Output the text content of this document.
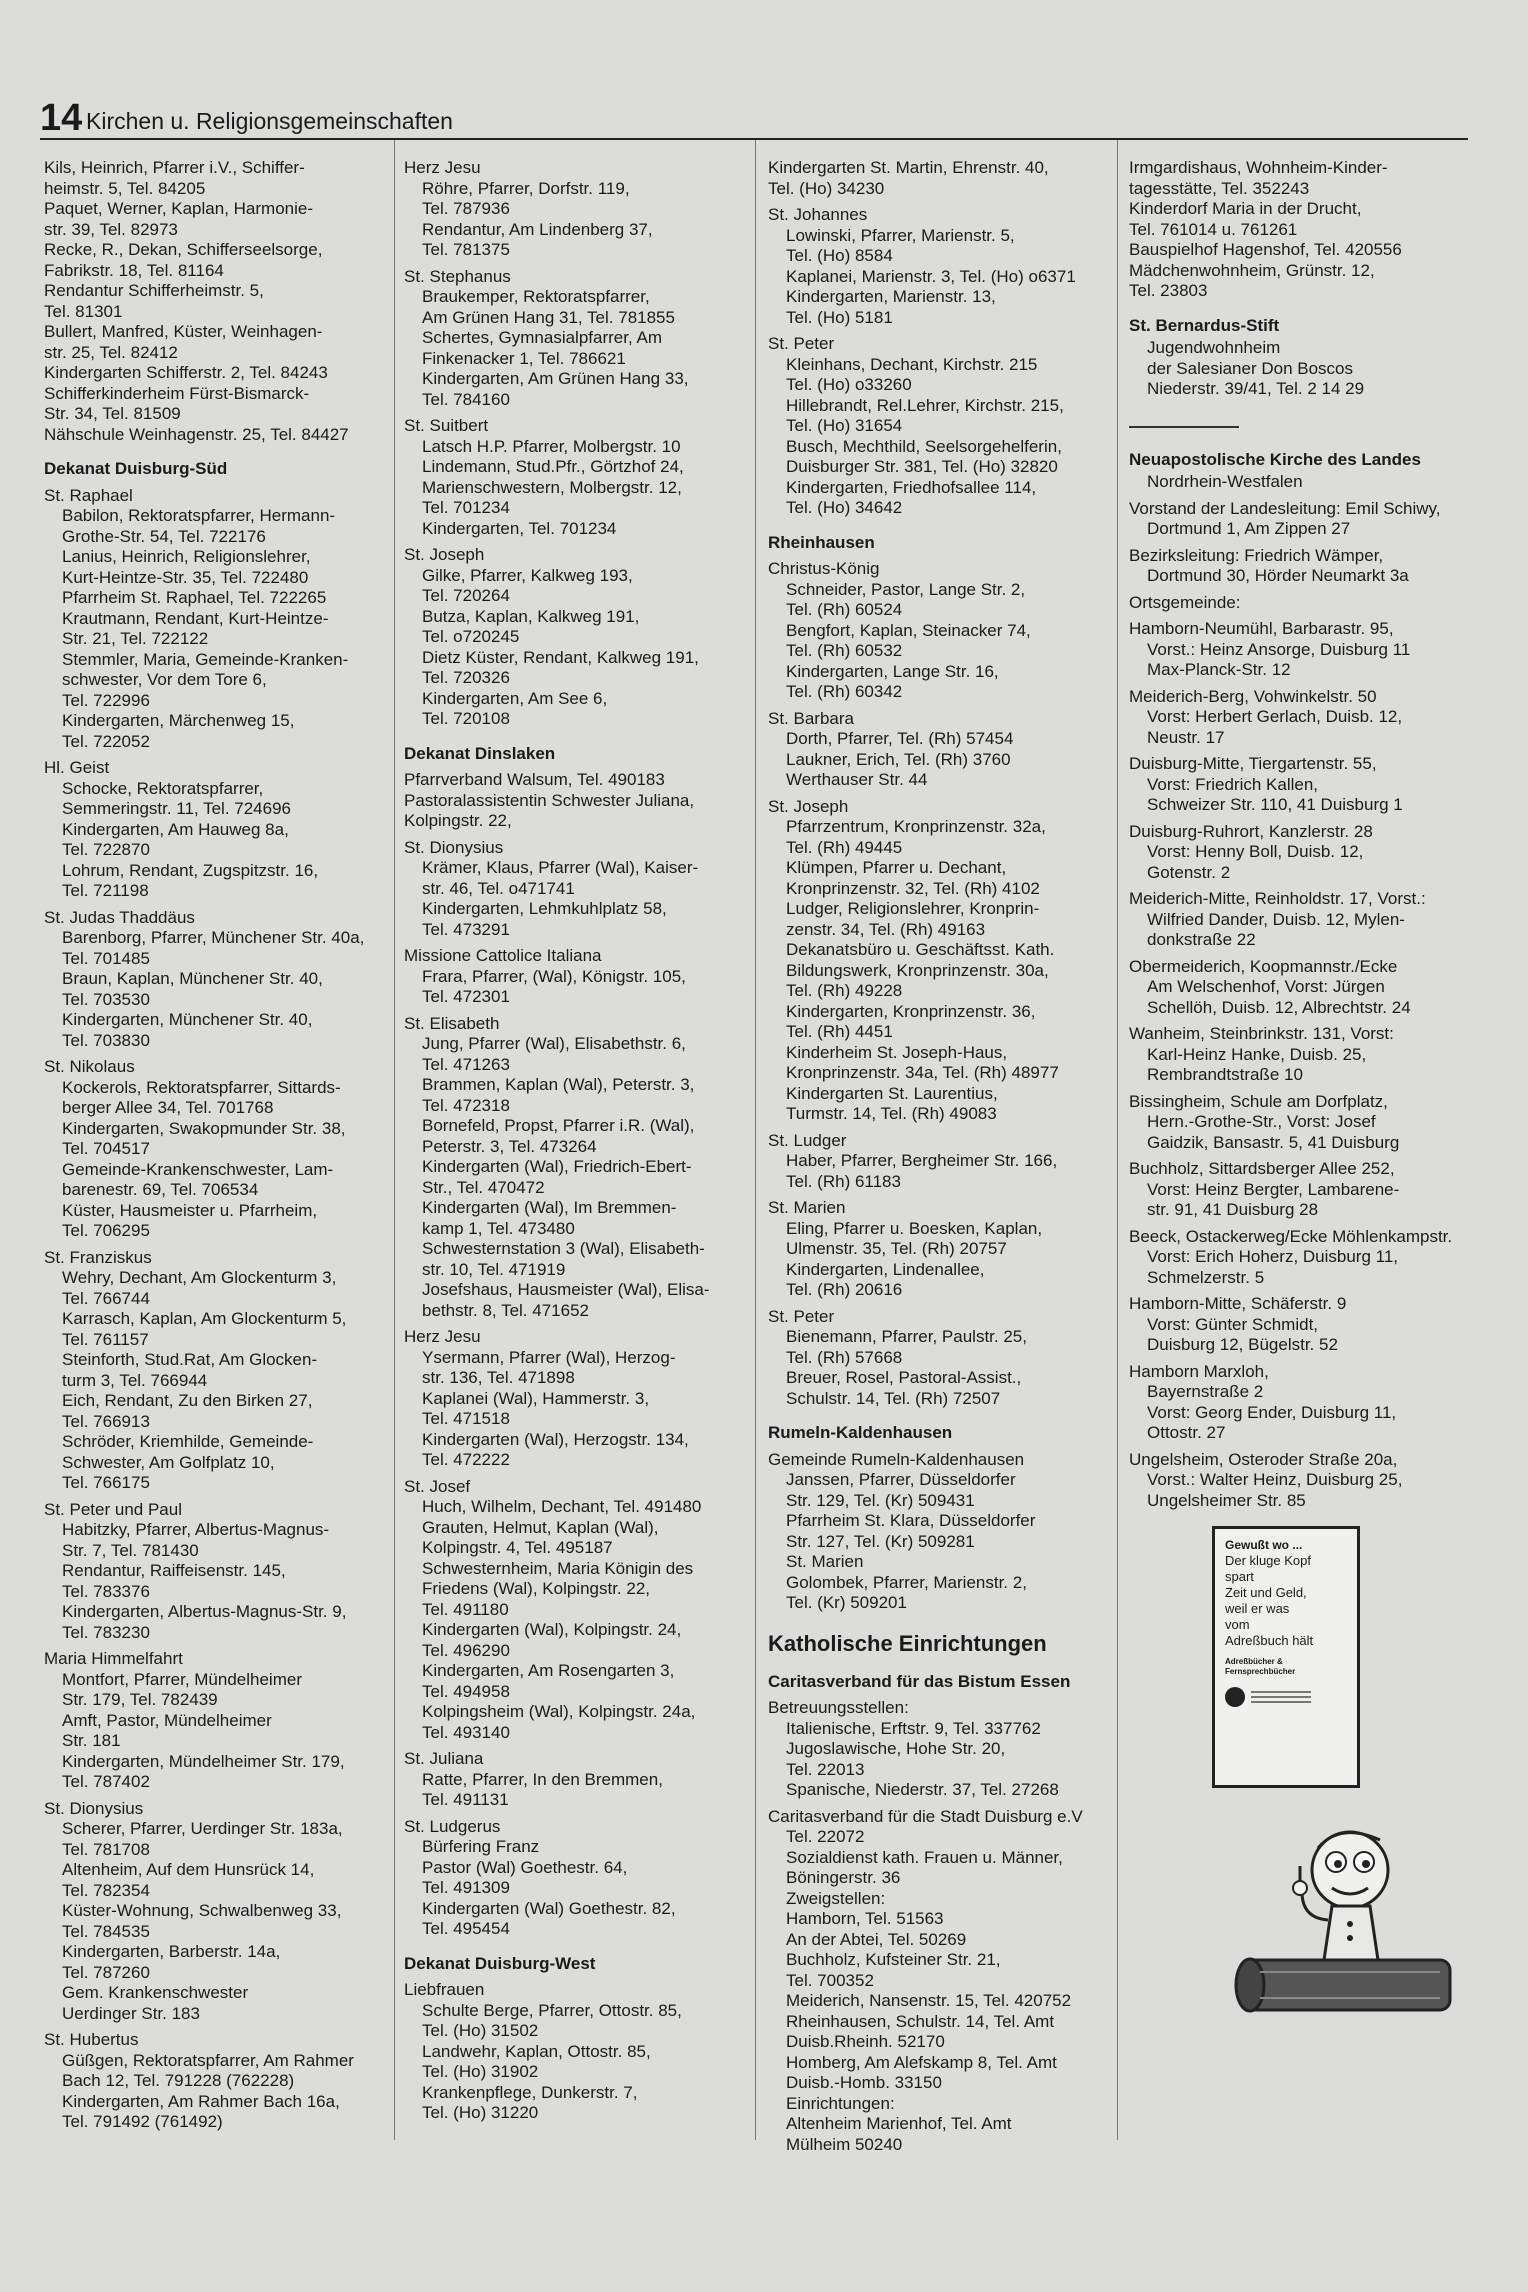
14 Kirchen u. Religionsgemeinschaften
Kils, Heinrich, Pfarrer i.V., Schiffer-
heimstr. 5, Tel. 84205
Paquet, Werner, Kaplan, Harmonie-
str. 39, Tel. 82973
Recke, R., Dekan, Schifferseelsorge,
Fabrikstr. 18, Tel. 81164
Rendantur Schifferheimstr. 5,
Tel. 81301
Bullert, Manfred, Küster, Weinhagen-
str. 25, Tel. 82412
Kindergarten Schifferstr. 2, Tel. 84243
Schifferkinderheim Fürst-Bismarck-
Str. 34, Tel. 81509
Nähschule Weinhagenstr. 25, Tel. 84427
Dekanat Duisburg-Süd
St. Raphael
Babilon, Rektoratspfarrer, Hermann-
Grothe-Str. 54, Tel. 722176
Lanius, Heinrich, Religionslehrer,
Kurt-Heintze-Str. 35, Tel. 722480
Pfarrheim St. Raphael, Tel. 722265
Krautmann, Rendant, Kurt-Heintze-
Str. 21, Tel. 722122
Stemmler, Maria, Gemeinde-Kranken-
schwester, Vor dem Tore 6,
Tel. 722996
Kindergarten, Märchenweg 15,
Tel. 722052
Hl. Geist
Schocke, Rektoratspfarrer,
Semmeringstr. 11, Tel. 724696
Kindergarten, Am Hauweg 8a,
Tel. 722870
Lohrum, Rendant, Zugspitzstr. 16,
Tel. 721198
St. Judas Thaddäus
Barenborg, Pfarrer, Münchener Str. 40a,
Tel. 701485
Braun, Kaplan, Münchener Str. 40,
Tel. 703530
Kindergarten, Münchener Str. 40,
Tel. 703830
St. Nikolaus
Kockerols, Rektoratspfarrer, Sittards-
berger Allee 34, Tel. 701768
Kindergarten, Swakopmunder Str. 38,
Tel. 704517
Gemeinde-Krankenschwester, Lam-
barenestr. 69, Tel. 706534
Küster, Hausmeister u. Pfarrheim,
Tel. 706295
St. Franziskus
Wehry, Dechant, Am Glockenturm 3,
Tel. 766744
Karrasch, Kaplan, Am Glockenturm 5,
Tel. 761157
Steinforth, Stud.Rat, Am Glocken-
turm 3, Tel. 766944
Eich, Rendant, Zu den Birken 27,
Tel. 766913
Schröder, Kriemhilde, Gemeinde-
Schwester, Am Golfplatz 10,
Tel. 766175
St. Peter und Paul
Habitzky, Pfarrer, Albertus-Magnus-
Str. 7, Tel. 781430
Rendantur, Raiffeisenstr. 145,
Tel. 783376
Kindergarten, Albertus-Magnus-Str. 9,
Tel. 783230
Maria Himmelfahrt
Montfort, Pfarrer, Mündelheimer
Str. 179, Tel. 782439
Amft, Pastor, Mündelheimer
Str. 181
Kindergarten, Mündelheimer Str. 179,
Tel. 787402
St. Dionysius
Scherer, Pfarrer, Uerdinger Str. 183a,
Tel. 781708
Altenheim, Auf dem Hunsrück 14,
Tel. 782354
Küster-Wohnung, Schwalbenweg 33,
Tel. 784535
Kindergarten, Barberstr. 14a,
Tel. 787260
Gem. Krankenschwester
Uerdinger Str. 183
St. Hubertus
Güßgen, Rektoratspfarrer, Am Rahmer
Bach 12, Tel. 791228 (762228)
Kindergarten, Am Rahmer Bach 16a,
Tel. 791492 (761492)
Herz Jesu
Röhre, Pfarrer, Dorfstr. 119,
Tel. 787936
Rendantur, Am Lindenberg 37,
Tel. 781375
St. Stephanus
Braukemper, Rektoratspfarrer,
Am Grünen Hang 31, Tel. 781855
Schertes, Gymnasialpfarrer, Am
Finkenacker 1, Tel. 786621
Kindergarten, Am Grünen Hang 33,
Tel. 784160
St. Suitbert
Latsch H.P. Pfarrer, Molbergstr. 10
Lindemann, Stud.Pfr., Görtzhof 24,
Marienschwestern, Molbergstr. 12,
Tel. 701234
Kindergarten, Tel. 701234
St. Joseph
Gilke, Pfarrer, Kalkweg 193,
Tel. 720264
Butza, Kaplan, Kalkweg 191,
Tel. o720245
Dietz Küster, Rendant, Kalkweg 191,
Tel. 720326
Kindergarten, Am See 6,
Tel. 720108
Dekanat Dinslaken
Pfarrverband Walsum, Tel. 490183
Pastoralassistentin Schwester Juliana,
Kolpingstr. 22,
St. Dionysius
Krämer, Klaus, Pfarrer (Wal), Kaiser-
str. 46, Tel. o471741
Kindergarten, Lehmkuhlplatz 58,
Tel. 473291
Missione Cattolice Italiana
Frara, Pfarrer, (Wal), Königstr. 105,
Tel. 472301
St. Elisabeth
Jung, Pfarrer (Wal), Elisabethstr. 6,
Tel. 471263
Brammen, Kaplan (Wal), Peterstr. 3,
Tel. 472318
Bornefeld, Propst, Pfarrer i.R. (Wal),
Peterstr. 3, Tel. 473264
Kindergarten (Wal), Friedrich-Ebert-
Str., Tel. 470472
Kindergarten (Wal), Im Bremmen-
kamp 1, Tel. 473480
Schwesternstation 3 (Wal), Elisabeth-
str. 10, Tel. 471919
Josefshaus, Hausmeister (Wal), Elisa-
bethstr. 8, Tel. 471652
Herz Jesu
Ysermann, Pfarrer (Wal), Herzog-
str. 136, Tel. 471898
Kaplanei (Wal), Hammerstr. 3,
Tel. 471518
Kindergarten (Wal), Herzogstr. 134,
Tel. 472222
St. Josef
Huch, Wilhelm, Dechant, Tel. 491480
Grauten, Helmut, Kaplan (Wal),
Kolpingstr. 4, Tel. 495187
Schwesternheim, Maria Königin des
Friedens (Wal), Kolpingstr. 22,
Tel. 491180
Kindergarten (Wal), Kolpingstr. 24,
Tel. 496290
Kindergarten, Am Rosengarten 3,
Tel. 494958
Kolpingsheim (Wal), Kolpingstr. 24a,
Tel. 493140
St. Juliana
Ratte, Pfarrer, In den Bremmen,
Tel. 491131
St. Ludgerus
Bürfering Franz
Pastor (Wal) Goethestr. 64,
Tel. 491309
Kindergarten (Wal) Goethestr. 82,
Tel. 495454
Dekanat Duisburg-West
Liebfrauen
Schulte Berge, Pfarrer, Ottostr. 85,
Tel. (Ho) 31502
Landwehr, Kaplan, Ottostr. 85,
Tel. (Ho) 31902
Krankenpflege, Dunkerstr. 7,
Tel. (Ho) 31220
Kindergarten St. Martin, Ehrenstr. 40,
Tel. (Ho) 34230
St. Johannes
Lowinski, Pfarrer, Marienstr. 5,
Tel. (Ho) 8584
Kaplanei, Marienstr. 3, Tel. (Ho) o6371
Kindergarten, Marienstr. 13,
Tel. (Ho) 5181
St. Peter
Kleinhans, Dechant, Kirchstr. 215
Tel. (Ho) o33260
Hillebrandt, Rel.Lehrer, Kirchstr. 215,
Tel. (Ho) 31654
Busch, Mechthild, Seelsorgehelferin,
Duisburger Str. 381, Tel. (Ho) 32820
Kindergarten, Friedhofsallee 114,
Tel. (Ho) 34642
Rheinhausen
Christus-König
Schneider, Pastor, Lange Str. 2,
Tel. (Rh) 60524
Bengfort, Kaplan, Steinacker 74,
Tel. (Rh) 60532
Kindergarten, Lange Str. 16,
Tel. (Rh) 60342
St. Barbara
Dorth, Pfarrer, Tel. (Rh) 57454
Laukner, Erich, Tel. (Rh) 3760
Werthauser Str. 44
St. Joseph
Pfarrzentrum, Kronprinzenstr. 32a,
Tel. (Rh) 49445
Klümpen, Pfarrer u. Dechant,
Kronprinzenstr. 32, Tel. (Rh) 4102
Ludger, Religionslehrer, Kronprin-
zenstr. 34, Tel. (Rh) 49163
Dekanatsbüro u. Geschäftsst. Kath.
Bildungswerk, Kronprinzenstr. 30a,
Tel. (Rh) 49228
Kindergarten, Kronprinzenstr. 36,
Tel. (Rh) 4451
Kinderheim St. Joseph-Haus,
Kronprinzenstr. 34a, Tel. (Rh) 48977
Kindergarten St. Laurentius,
Turmstr. 14, Tel. (Rh) 49083
St. Ludger
Haber, Pfarrer, Bergheimer Str. 166,
Tel. (Rh) 61183
St. Marien
Eling, Pfarrer u. Boesken, Kaplan,
Ulmenstr. 35, Tel. (Rh) 20757
Kindergarten, Lindenallee,
Tel. (Rh) 20616
St. Peter
Bienemann, Pfarrer, Paulstr. 25,
Tel. (Rh) 57668
Breuer, Rosel, Pastoral-Assist.,
Schulstr. 14, Tel. (Rh) 72507
Rumeln-Kaldenhausen
Gemeinde Rumeln-Kaldenhausen
Janssen, Pfarrer, Düsseldorfer
Str. 129, Tel. (Kr) 509431
Pfarrheim St. Klara, Düsseldorfer
Str. 127, Tel. (Kr) 509281
St. Marien
Golombek, Pfarrer, Marienstr. 2,
Tel. (Kr) 509201
Katholische Einrichtungen
Caritasverband für das Bistum Essen
Betreuungsstellen:
Italienische, Erftstr. 9, Tel. 337762
Jugoslawische, Hohe Str. 20,
Tel. 22013
Spanische, Niederstr. 37, Tel. 27268
Caritasverband für die Stadt Duisburg e.V
Tel. 22072
Sozialdienst kath. Frauen u. Männer,
Böningerstr. 36
Zweigstellen:
Hamborn, Tel. 51563
An der Abtei, Tel. 50269
Buchholz, Kufsteiner Str. 21,
Tel. 700352
Meiderich, Nansenstr. 15, Tel. 420752
Rheinhausen, Schulstr. 14, Tel. Amt
Duisb.Rheinh. 52170
Homberg, Am Alefskamp 8, Tel. Amt
Duisb.-Homb. 33150
Einrichtungen:
Altenheim Marienhof, Tel. Amt
Mülheim 50240
Irmgardishaus, Wohnheim-Kinder-
tagesstätte, Tel. 352243
Kinderdorf Maria in der Drucht,
Tel. 761014 u. 761261
Bauspielhof Hagenshof, Tel. 420556
Mädchenwohnheim, Grünstr. 12,
Tel. 23803
St. Bernardus-Stift
Jugendwohnheim
der Salesianer Don Boscos
Niederstr. 39/41, Tel. 2 14 29
Neuapostolische Kirche des Landes
Nordrhein-Westfalen
Vorstand der Landesleitung: Emil Schiwy,
Dortmund 1, Am Zippen 27
Bezirksleitung: Friedrich Wämper,
Dortmund 30, Hörder Neumarkt 3a
Ortsgemeinde:
Hamborn-Neumühl, Barbarastr. 95,
Vorst.: Heinz Ansorge, Duisburg 11
Max-Planck-Str. 12
Meiderich-Berg, Vohwinkelstr. 50
Vorst: Herbert Gerlach, Duisb. 12,
Neustr. 17
Duisburg-Mitte, Tiergartenstr. 55,
Vorst: Friedrich Kallen,
Schweizer Str. 110, 41 Duisburg 1
Duisburg-Ruhrort, Kanzlerstr. 28
Vorst: Henny Boll, Duisb. 12,
Gotenstr. 2
Meiderich-Mitte, Reinholdstr. 17, Vorst.:
Wilfried Dander, Duisb. 12, Mylen-
donkstraße 22
Obermeiderich, Koopmannstr./Ecke
Am Welschenhof, Vorst: Jürgen
Schellöh, Duisb. 12, Albrechtstr. 24
Wanheim, Steinbrinkstr. 131, Vorst:
Karl-Heinz Hanke, Duisb. 25,
Rembrandtstraße 10
Bissingheim, Schule am Dorfplatz,
Hern.-Grothe-Str., Vorst: Josef
Gaidzik, Bansastr. 5, 41 Duisburg
Buchholz, Sittardsberger Allee 252,
Vorst: Heinz Bergter, Lambarene-
str. 91, 41 Duisburg 28
Beeck, Ostackerweg/Ecke Möhlenkampstr.
Vorst: Erich Hoherz, Duisburg 11,
Schmelzerstr. 5
Hamborn-Mitte, Schäferstr. 9
Vorst: Günter Schmidt,
Duisburg 12, Bügelstr. 52
Hamborn Marxloh,
Bayernstraße 2
Vorst: Georg Ender, Duisburg 11,
Ottostr. 27
Ungelsheim, Osteroder Straße 20a,
Vorst.: Walter Heinz, Duisburg 25,
Ungelsheimer Str. 85
Gewußt wo ...
Der kluge Kopf
spart
Zeit und Geld,
weil er was
vom
Adreßbuch hält
Adreßbücher &
Fernsprechbücher
